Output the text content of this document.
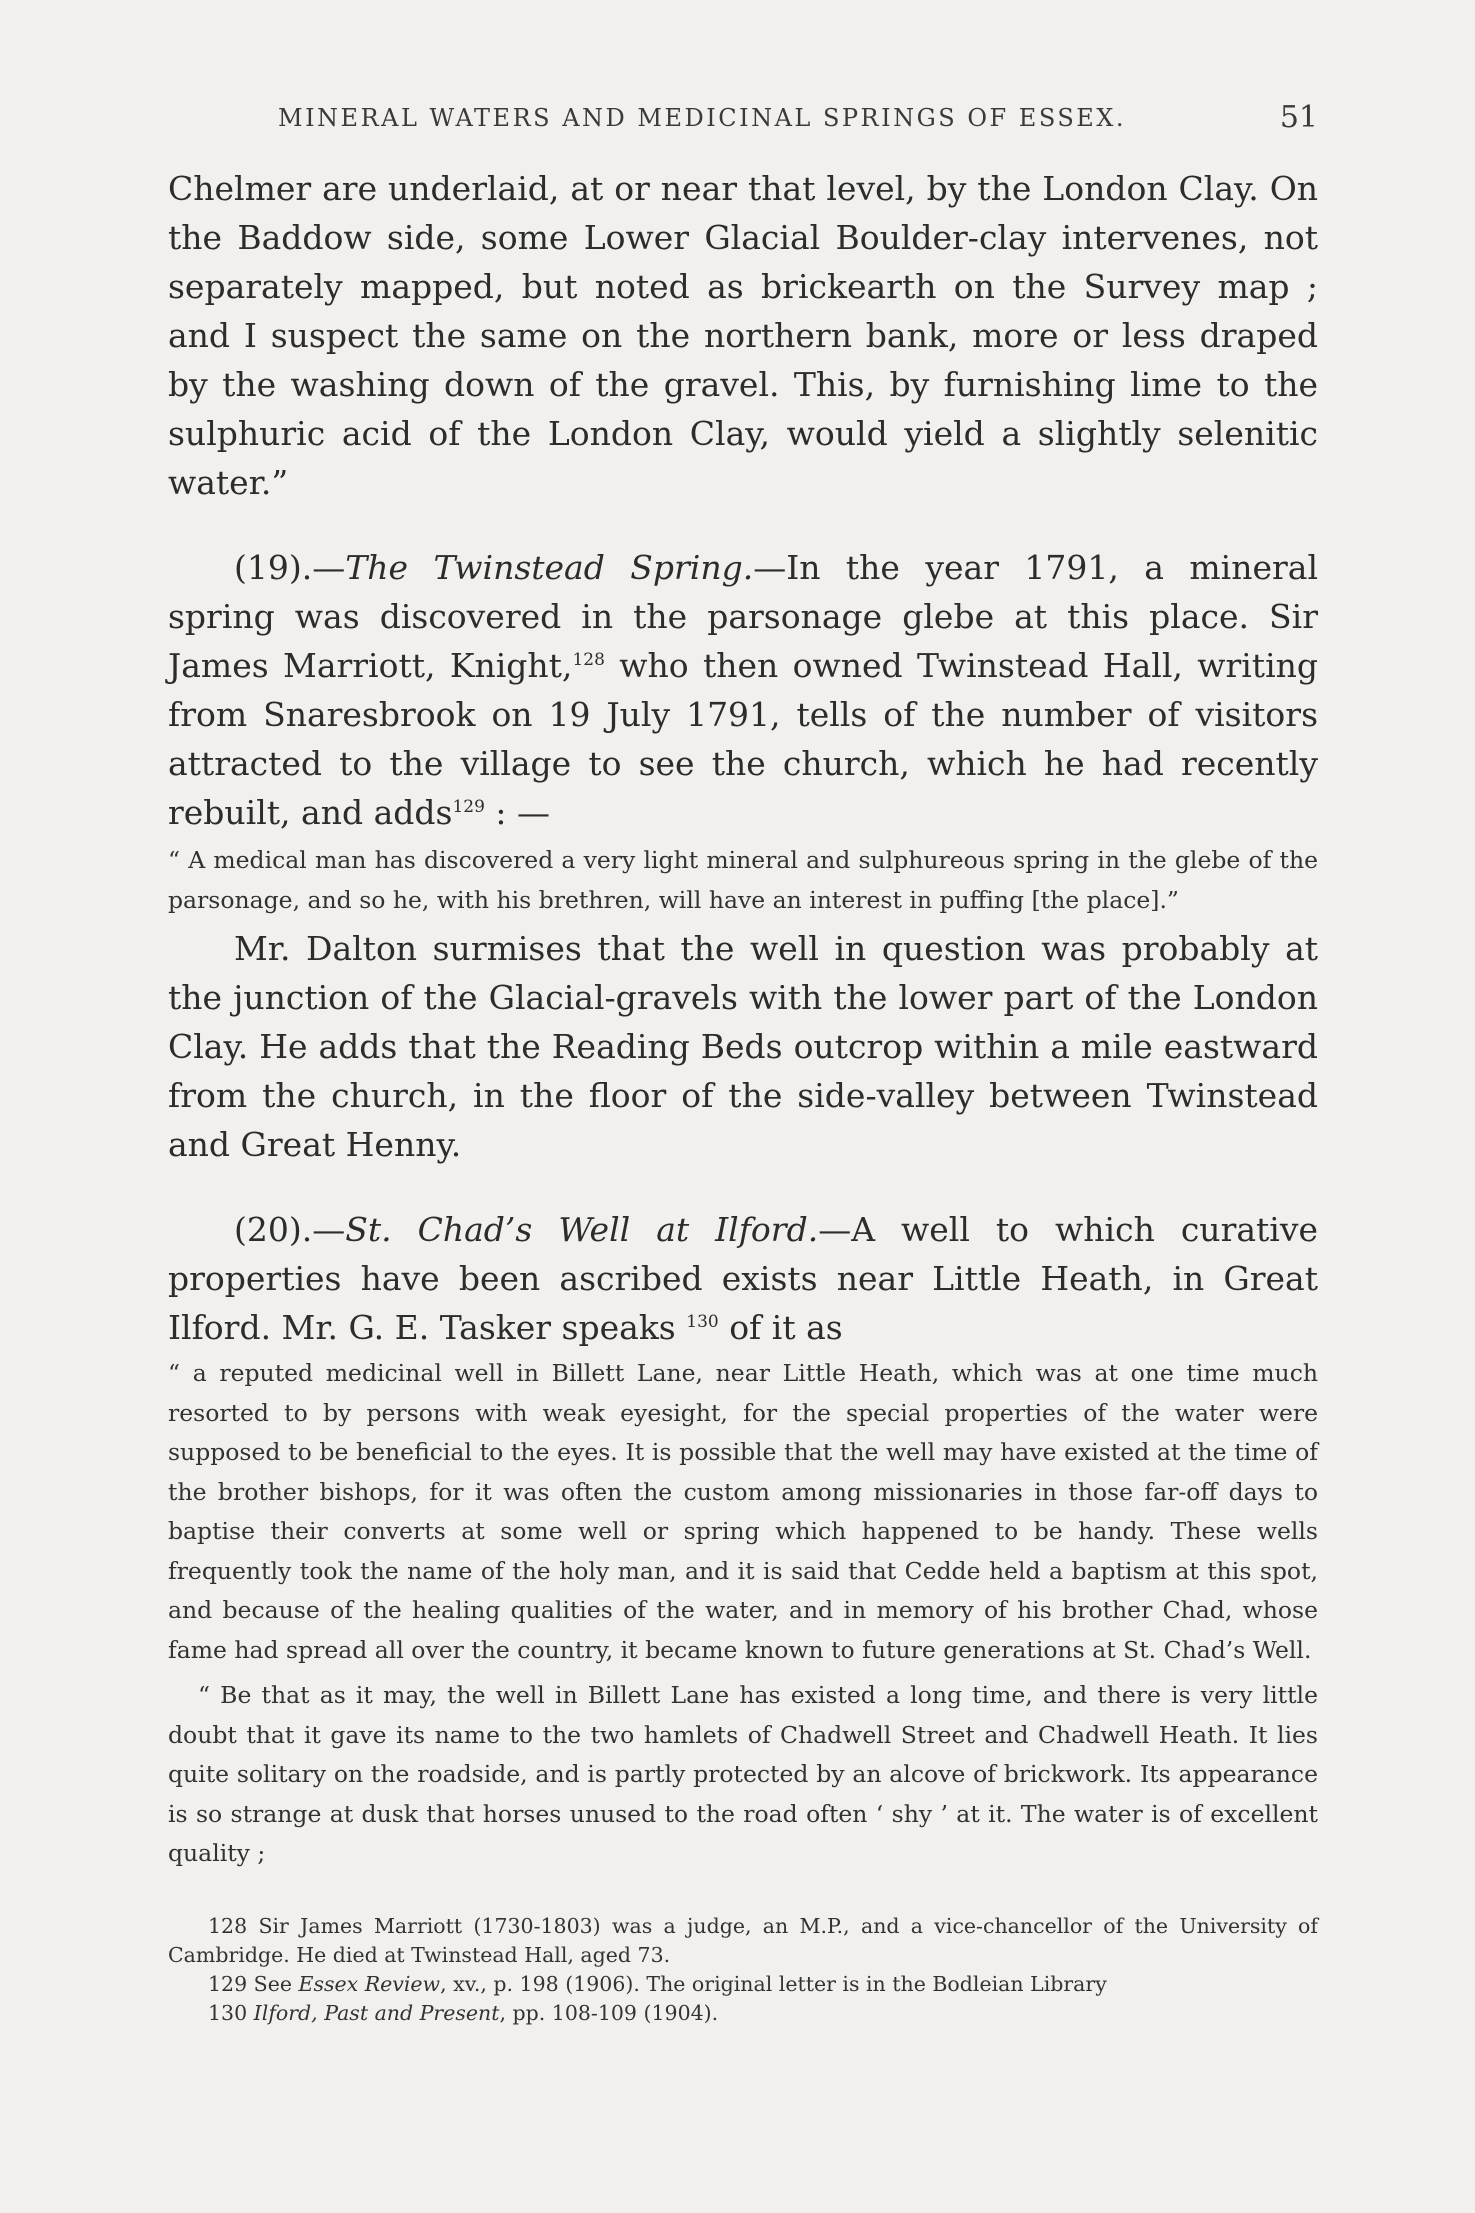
MINERAL WATERS AND MEDICINAL SPRINGS OF ESSEX.	51

Chelmer are underlaid, at or near that level, by the London Clay. On the Baddow side, some Lower Glacial Boulder-clay intervenes, not separately mapped, but noted as brickearth on the Survey map ; and I suspect the same on the northern bank, more or less draped by the washing down of the gravel. This, by furnishing lime to the sulphuric acid of the London Clay, would yield a slightly selenitic water.”

(19).—The Twinstead Spring.—In the year 1791, a mineral spring was discovered in the parsonage glebe at this place. Sir James Marriott, Knight,$^{128}$ who then owned Twinstead Hall, writing from Snaresbrook on 19 July 1791, tells of the number of visitors attracted to the village to see the church, which he had recently rebuilt, and adds$^{129}$ : —

“ A medical man has discovered a very light mineral and sulphureous spring in the glebe of the parsonage, and so he, with his brethren, will have an interest in puffing [the place].”

Mr. Dalton surmises that the well in question was probably at the junction of the Glacial-gravels with the lower part of the London Clay. He adds that the Reading Beds outcrop within a mile eastward from the church, in the floor of the side-valley between Twinstead and Great Henny.

(20).—St. Chad’s Well at Ilford.—A well to which curative properties have been ascribed exists near Little Heath, in Great Ilford. Mr. G. E. Tasker speaks $^{130}$ of it as

“ a reputed medicinal well in Billett Lane, near Little Heath, which was at one time much resorted to by persons with weak eyesight, for the special properties of the water were supposed to be beneficial to the eyes. It is possible that the well may have existed at the time of the brother bishops, for it was often the custom among missionaries in those far-off days to baptise their converts at some well or spring which happened to be handy. These wells frequently took the name of the holy man, and it is said that Cedde held a baptism at this spot, and because of the healing qualities of the water, and in memory of his brother Chad, whose fame had spread all over the country, it became known to future generations at St. Chad’s Well.

“ Be that as it may, the well in Billett Lane has existed a long time, and there is very little doubt that it gave its name to the two hamlets of Chadwell Street and Chadwell Heath. It lies quite solitary on the roadside, and is partly protected by an alcove of brickwork. Its appearance is so strange at dusk that horses unused to the road often ‘ shy ’ at it. The water is of excellent quality ;

128 Sir James Marriott (1730-1803) was a judge, an M.P., and a vice-chancellor of the University of Cambridge. He died at Twinstead Hall, aged 73.

129 See Essex Review, xv., p. 198 (1906). The original letter is in the Bodleian Library

130 Ilford, Past and Present, pp. 108-109 (1904).
